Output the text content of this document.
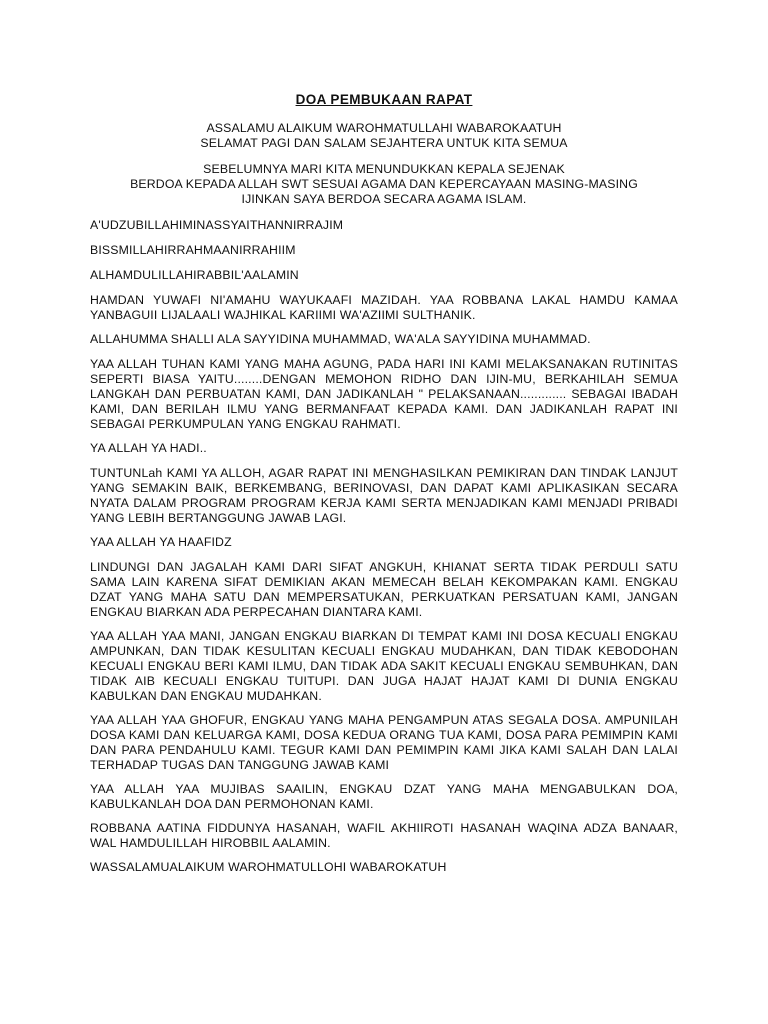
DOA PEMBUKAAN RAPAT
ASSALAMU ALAIKUM WAROHMATULLAHI WABAROKAATUH
SELAMAT PAGI DAN SALAM SEJAHTERA UNTUK KITA SEMUA
SEBELUMNYA MARI KITA MENUNDUKKAN KEPALA SEJENAK
BERDOA KEPADA ALLAH SWT SESUAI AGAMA DAN KEPERCAYAAN MASING-MASING
IJINKAN SAYA BERDOA SECARA AGAMA ISLAM.

A'UDZUBILLAHIMINASSYAITHANNIRRAJIM

BISSMILLAHIRRAHMAANIRRAHIIM

ALHAMDULILLAHIRABBIL'AALAMIN

HAMDAN YUWAFI NI'AMAHU WAYUKAAFI MAZIDAH. YAA ROBBANA LAKAL HAMDU KAMAA YANBAGUII LIJALAALI WAJHIKAL KARIIMI WA'AZIIMI SULTHANIK.

ALLAHUMMA SHALLI ALA SAYYIDINA MUHAMMAD, WA'ALA SAYYIDINA MUHAMMAD.

YAA ALLAH TUHAN KAMI YANG MAHA AGUNG, PADA HARI INI KAMI MELAKSANAKAN RUTINITAS SEPERTI BIASA YAITU........DENGAN MEMOHON RIDHO DAN IJIN-MU, BERKAHILAH SEMUA LANGKAH DAN PERBUATAN KAMI, DAN JADIKANLAH " PELAKSANAAN............. SEBAGAI IBADAH KAMI, DAN BERILAH ILMU YANG BERMANFAAT KEPADA KAMI. DAN JADIKANLAH RAPAT INI SEBAGAI PERKUMPULAN YANG ENGKAU RAHMATI.

YA ALLAH YA HADI..

TUNTUNLah KAMI YA ALLOH, AGAR RAPAT INI MENGHASILKAN PEMIKIRAN DAN TINDAK LANJUT YANG SEMAKIN BAIK, BERKEMBANG, BERINOVASI, DAN DAPAT KAMI APLIKASIKAN SECARA NYATA DALAM PROGRAM PROGRAM KERJA KAMI SERTA MENJADIKAN KAMI MENJADI PRIBADI YANG LEBIH BERTANGGUNG JAWAB LAGI.

YAA ALLAH YA HAAFIDZ

LINDUNGI DAN JAGALAH KAMI DARI SIFAT ANGKUH, KHIANAT SERTA TIDAK PERDULI SATU SAMA LAIN KARENA SIFAT DEMIKIAN AKAN MEMECAH BELAH KEKOMPAKAN KAMI. ENGKAU DZAT YANG MAHA SATU DAN MEMPERSATUKAN, PERKUATKAN PERSATUAN KAMI, JANGAN ENGKAU BIARKAN ADA PERPECAHAN DIANTARA KAMI.

YAA ALLAH YAA MANI, JANGAN ENGKAU BIARKAN DI TEMPAT KAMI INI DOSA KECUALI ENGKAU AMPUNKAN, DAN TIDAK KESULITAN KECUALI ENGKAU MUDAHKAN, DAN TIDAK KEBODOHAN KECUALI ENGKAU BERI KAMI ILMU, DAN TIDAK ADA SAKIT KECUALI ENGKAU SEMBUHKAN, DAN TIDAK AIB KECUALI ENGKAU TUITUPI. DAN JUGA HAJAT HAJAT KAMI DI DUNIA ENGKAU KABULKAN DAN ENGKAU MUDAHKAN.

YAA ALLAH YAA GHOFUR, ENGKAU YANG MAHA PENGAMPUN ATAS SEGALA DOSA. AMPUNILAH DOSA KAMI DAN KELUARGA KAMI, DOSA KEDUA ORANG TUA KAMI, DOSA PARA PEMIMPIN KAMI DAN PARA PENDAHULU KAMI. TEGUR KAMI DAN PEMIMPIN KAMI JIKA KAMI SALAH DAN LALAI TERHADAP TUGAS DAN TANGGUNG JAWAB KAMI

YAA ALLAH YAA MUJIBAS SAAILIN, ENGKAU DZAT YANG MAHA MENGABULKAN DOA, KABULKANLAH DOA DAN PERMOHONAN KAMI.

ROBBANA AATINA FIDDUNYA HASANAH, WAFIL AKHIIROTI HASANAH WAQINA ADZA BANAAR, WAL HAMDULILLAH HIROBBIL AALAMIN.

WASSALAMUALAIKUM WAROHMATULLOHI WABAROKATUH
